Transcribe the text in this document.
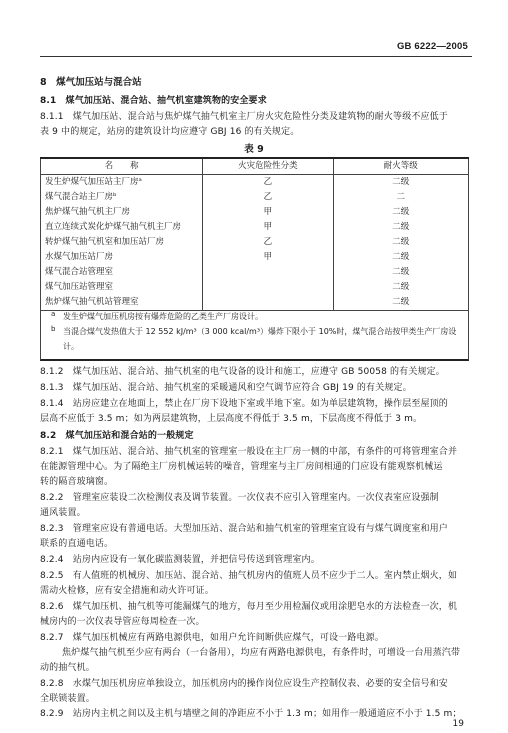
GB 6222—2005
8　煤气加压站与混合站
8.1　煤气加压站、混合站、抽气机室建筑物的安全要求
8.1.1　煤气加压站、混合站与焦炉煤气抽气机室主厂房火灾危险性分类及建筑物的耐火等级不应低于
表 9 中的规定，站房的建筑设计均应遵守 GBJ 16 的有关规定。
表 9
名　　称	火灾危险性分类	耐火等级
发生炉煤气加压站主厂房ᵃ	乙	二级
煤气混合站主厂房ᵇ	乙	二
焦炉煤气抽气机主厂房	甲	二级
直立连续式炭化炉煤气抽气机主厂房	甲	二级
转炉煤气抽气机室和加压站厂房	乙	二级
水煤气加压站厂房	甲	二级
煤气混合站管理室		二级
煤气加压站管理室		二级
焦炉煤气抽气机站管理室		二级
a 发生炉煤气加压机房按有爆炸危险的乙类生产厂房设计。
b 当混合煤气发热值大于 12 552 kJ/m³（3 000 kcal/m³）爆炸下限小于 10%时，煤气混合站按甲类生产厂房设计。
8.1.2　煤气加压站、混合站、抽气机室的电气设备的设计和施工，应遵守 GB 50058 的有关规定。
8.1.3　煤气加压站、混合站、抽气机室的采暖通风和空气调节应符合 GBJ 19 的有关规定。
8.1.4　站房应建立在地面上，禁止在厂房下设地下室或半地下室。如为单层建筑物，操作层至屋顶的
层高不应低于 3.5 m；如为两层建筑物，上层高度不得低于 3.5 m，下层高度不得低于 3 m。
8.2　煤气加压站和混合站的一般规定
8.2.1　煤气加压站、混合站、抽气机室的管理室一般设在主厂房一侧的中部，有条件的可将管理室合并
在能源管理中心。为了隔绝主厂房机械运转的噪音，管理室与主厂房间相通的门应设有能观察机械运
转的隔音玻璃窗。
8.2.2　管理室应装设二次检测仪表及调节装置。一次仪表不应引入管理室内。一次仪表室应设强制
通风装置。
8.2.3　管理室应设有普通电话。大型加压站、混合站和抽气机室的管理室宜设有与煤气调度室和用户
联系的直通电话。
8.2.4　站房内应设有一氧化碳监测装置，并把信号传送到管理室内。
8.2.5　有人值班的机械房、加压站、混合站、抽气机房内的值班人员不应少于二人。室内禁止烟火，如
需动火检修，应有安全措施和动火许可证。
8.2.6　煤气加压机、抽气机等可能漏煤气的地方，每月至少用检漏仪或用涂肥皂水的方法检查一次，机
械房内的一次仪表导管应每周检查一次。
8.2.7　煤气加压机械应有两路电源供电，如用户允许间断供应煤气，可设一路电源。
焦炉煤气抽气机至少应有两台（一台备用），均应有两路电源供电，有条件时，可增设一台用蒸汽带
动的抽气机。
8.2.8　水煤气加压机房应单独设立，加压机房内的操作岗位应设生产控制仪表、必要的安全信号和安
全联锁装置。
8.2.9　站房内主机之间以及主机与墙壁之间的净距应不小于 1.3 m；如用作一般通道应不小于 1.5 m；
19
